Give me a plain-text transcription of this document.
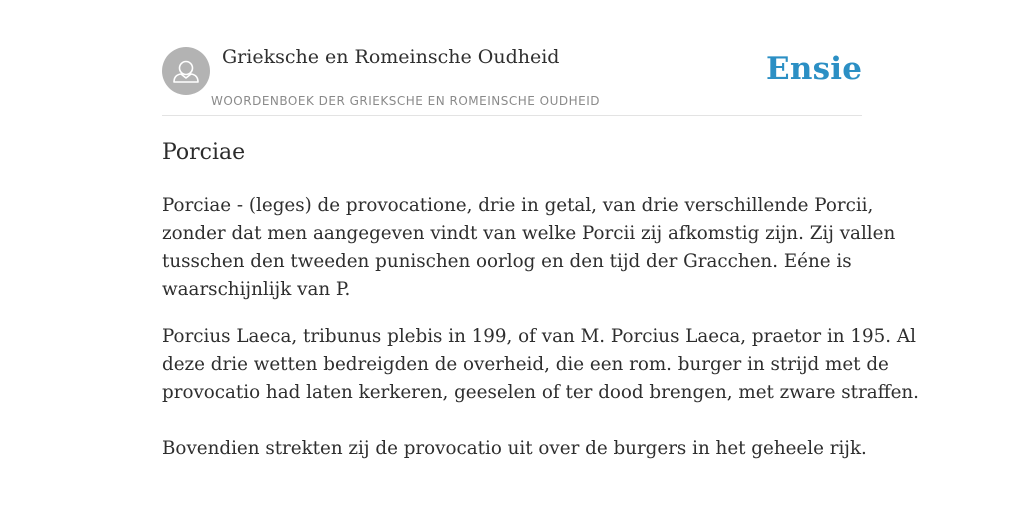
Grieksche en Romeinsche Oudheid
WOORDENBOEK DER GRIEKSCHE EN ROMEINSCHE OUDHEID
Ensie
Porciae

Porciae - (leges) de provocatione, drie in getal, van drie verschillende Porcii,
zonder dat men aangegeven vindt van welke Porcii zij afkomstig zijn. Zij vallen
tusschen den tweeden punischen oorlog en den tijd der Gracchen. Eéne is
waarschijnlijk van P.

Porcius Laeca, tribunus plebis in 199, of van M. Porcius Laeca, praetor in 195. Al
deze drie wetten bedreigden de overheid, die een rom. burger in strijd met de
provocatio had laten kerkeren, geeselen of ter dood brengen, met zware straffen.

Bovendien strekten zij de provocatio uit over de burgers in het geheele rijk.
